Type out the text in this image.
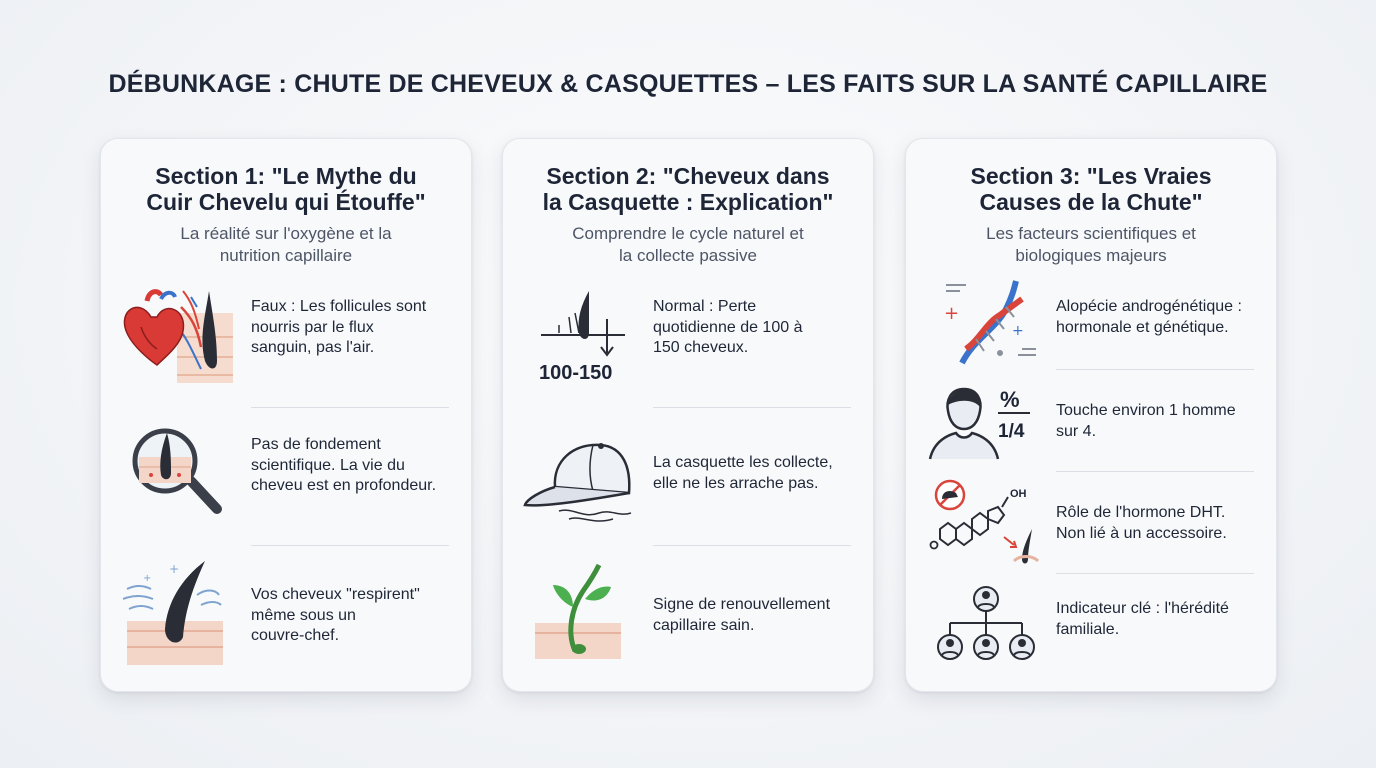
DÉBUNKAGE : CHUTE DE CHEVEUX & CASQUETTES – LES FAITS SUR LA SANTÉ CAPILLAIRE
Section 1: "Le Mythe du
Cuir Chevelu qui Étouffe"
La réalité sur l'oxygène et la
nutrition capillaire
Faux : Les follicules sont
nourris par le flux
sanguin, pas l'air.
Pas de fondement
scientifique. La vie du
cheveu est en profondeur.
+
+
Vos cheveux "respirent"
même sous un
couvre-chef.
Section 2: "Cheveux dans
la Casquette : Explication"
Comprendre le cycle naturel et
la collecte passive
100-150
Normal : Perte
quotidienne de 100 à
150 cheveux.
La casquette les collecte,
elle ne les arrache pas.
Signe de renouvellement
capillaire sain.
Section 3: "Les Vraies
Causes de la Chute"
Les facteurs scientifiques et
biologiques majeurs
+
+
Alopécie androgénétique :
hormonale et génétique.
%
1/4
Touche environ 1 homme
sur 4.
OH
Rôle de l'hormone DHT.
Non lié à un accessoire.
Indicateur clé : l'hérédité
familiale.
